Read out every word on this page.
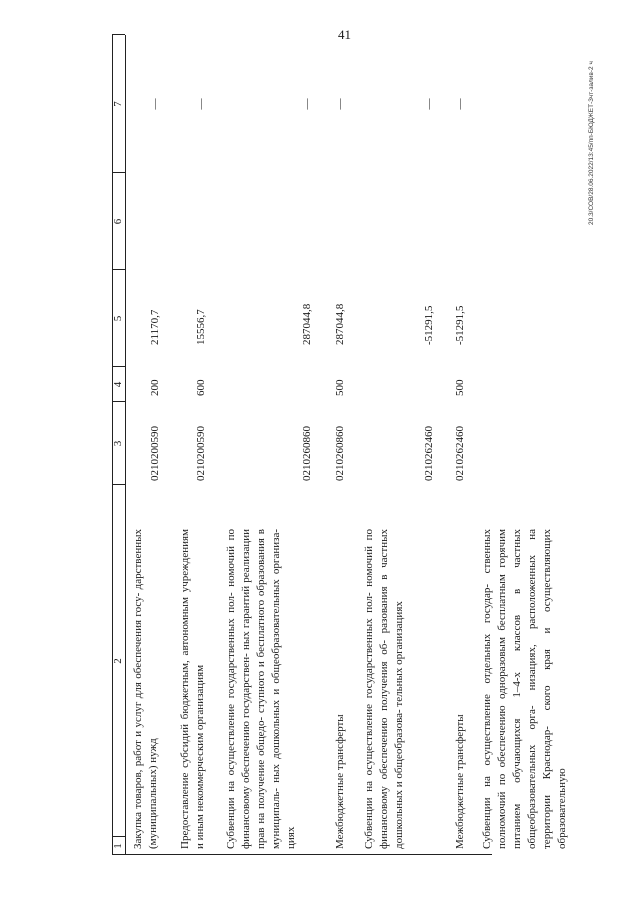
41
20.3/СОВ/28.06.2022/13:45/пп-БЮДЖЕТ-3чт-залив-2 ч
1
2
3
4
5
6
7
Закупка товаров, работ и услуг для обеспечения госу- дарственных (муниципальных) нужд
0210200590
200
21170,7
—
Предоставление субсидий бюджетным, автономным учреждениям и иным некоммерческим организациям
0210200590
600
15556,7
—
Субвенции на осуществление государственных пол- номочий по финансовому обеспечению государствен- ных гарантий реализации прав на получение общедо- ступного и бесплатного образования в муниципаль- ных дошкольных и общеобразовательных организа- циях
0210260860
287044,8
—
Межбюджетные трансферты
0210260860
500
287044,8
—
Субвенции на осуществление государственных пол- номочий по финансовому обеспечению получения об- разования в частных дошкольных и общеобразова- тельных организациях
0210262460
-51291,5
—
Межбюджетные трансферты
0210262460
500
-51291,5
—
Субвенции на осуществление отдельных государ- ственных полномочий по обеспечению одноразовым бесплатным горячим питанием обучающихся 1–4-х классов в частных общеобразовательных орга- низациях, расположенных на территории Краснодар- ского края и осуществляющих образовательную
